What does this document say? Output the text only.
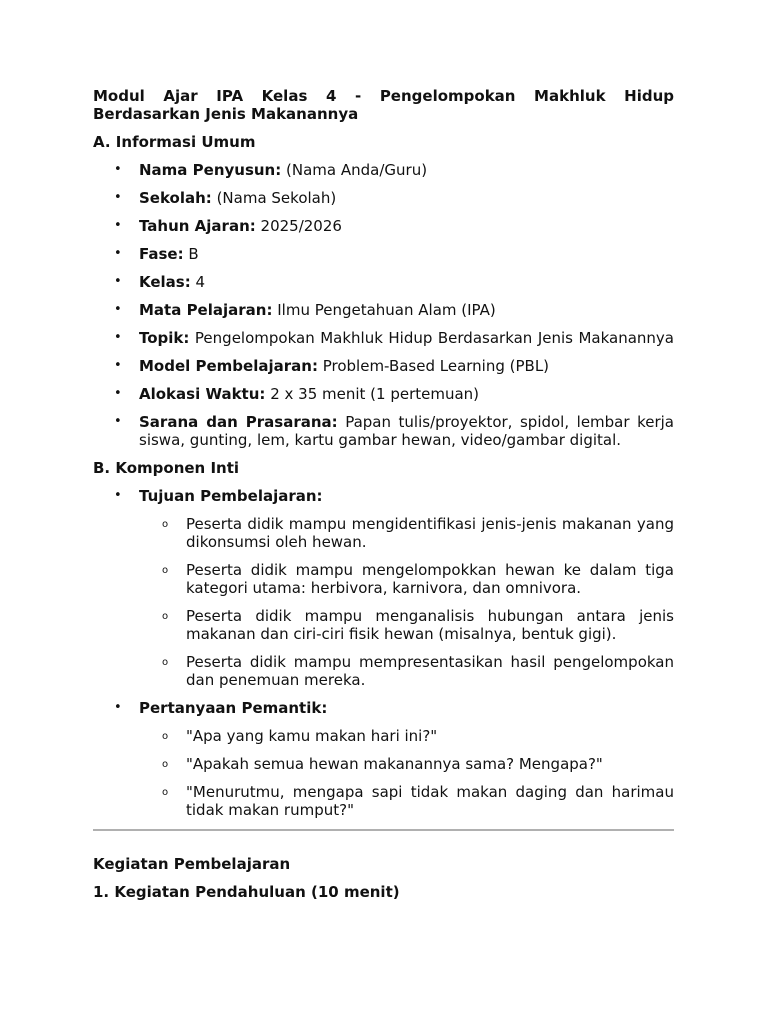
Modul Ajar IPA Kelas 4 - Pengelompokan Makhluk Hidup Berdasarkan Jenis Makanannya
A. Informasi Umum
• Nama Penyusun: (Nama Anda/Guru)
• Sekolah: (Nama Sekolah)
• Tahun Ajaran: 2025/2026
• Fase: B
• Kelas: 4
• Mata Pelajaran: Ilmu Pengetahuan Alam (IPA)
• Topik: Pengelompokan Makhluk Hidup Berdasarkan Jenis Makanannya
• Model Pembelajaran: Problem-Based Learning (PBL)
• Alokasi Waktu: 2 x 35 menit (1 pertemuan)
• Sarana dan Prasarana: Papan tulis/proyektor, spidol, lembar kerja siswa, gunting, lem, kartu gambar hewan, video/gambar digital.
B. Komponen Inti
• Tujuan Pembelajaran:
o Peserta didik mampu mengidentifikasi jenis-jenis makanan yang dikonsumsi oleh hewan.
o Peserta didik mampu mengelompokkan hewan ke dalam tiga kategori utama: herbivora, karnivora, dan omnivora.
o Peserta didik mampu menganalisis hubungan antara jenis makanan dan ciri-ciri fisik hewan (misalnya, bentuk gigi).
o Peserta didik mampu mempresentasikan hasil pengelompokan dan penemuan mereka.
• Pertanyaan Pemantik:
o "Apa yang kamu makan hari ini?"
o "Apakah semua hewan makanannya sama? Mengapa?"
o "Menurutmu, mengapa sapi tidak makan daging dan harimau tidak makan rumput?"
Kegiatan Pembelajaran
1. Kegiatan Pendahuluan (10 menit)
